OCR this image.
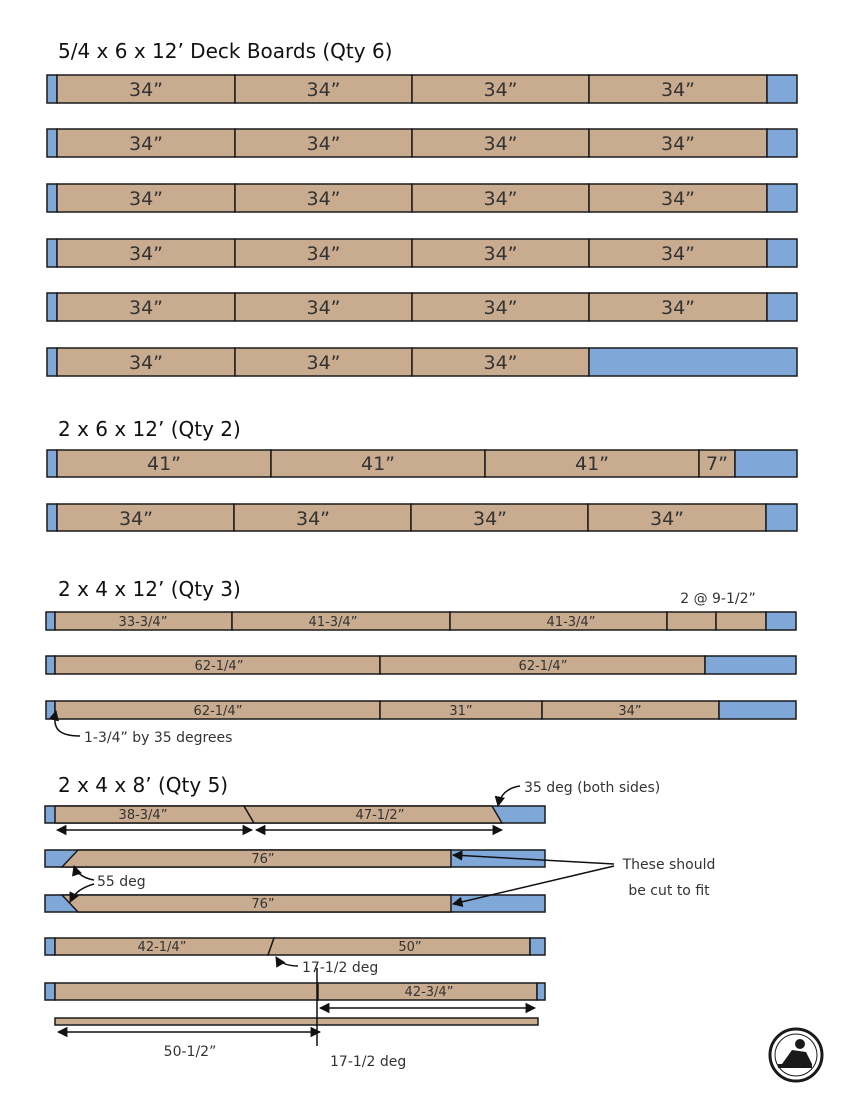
5/4 x 6 x 12’ Deck Boards (Qty 6)
34”	34”	34”	34”
34”	34”	34”	34”
34”	34”	34”	34”
34”	34”	34”	34”
34”	34”	34”	34”
34”	34”	34”
2 x 6 x 12’ (Qty 2)
41”	41”	41”	7”
34”	34”	34”	34”
2 x 4 x 12’ (Qty 3)	2 @ 9-1/2”
33-3/4”	41-3/4”	41-3/4”
62-1/4”	62-1/4”
62-1/4”	31”	34”
1-3/4” by 35 degrees
2 x 4 x 8’ (Qty 5)	35 deg (both sides)
38-3/4”	47-1/2”
76”
76”
55 deg
These should
be cut to fit
42-1/4”	50”
17-1/2 deg
42-3/4”
50-1/2”
17-1/2 deg
